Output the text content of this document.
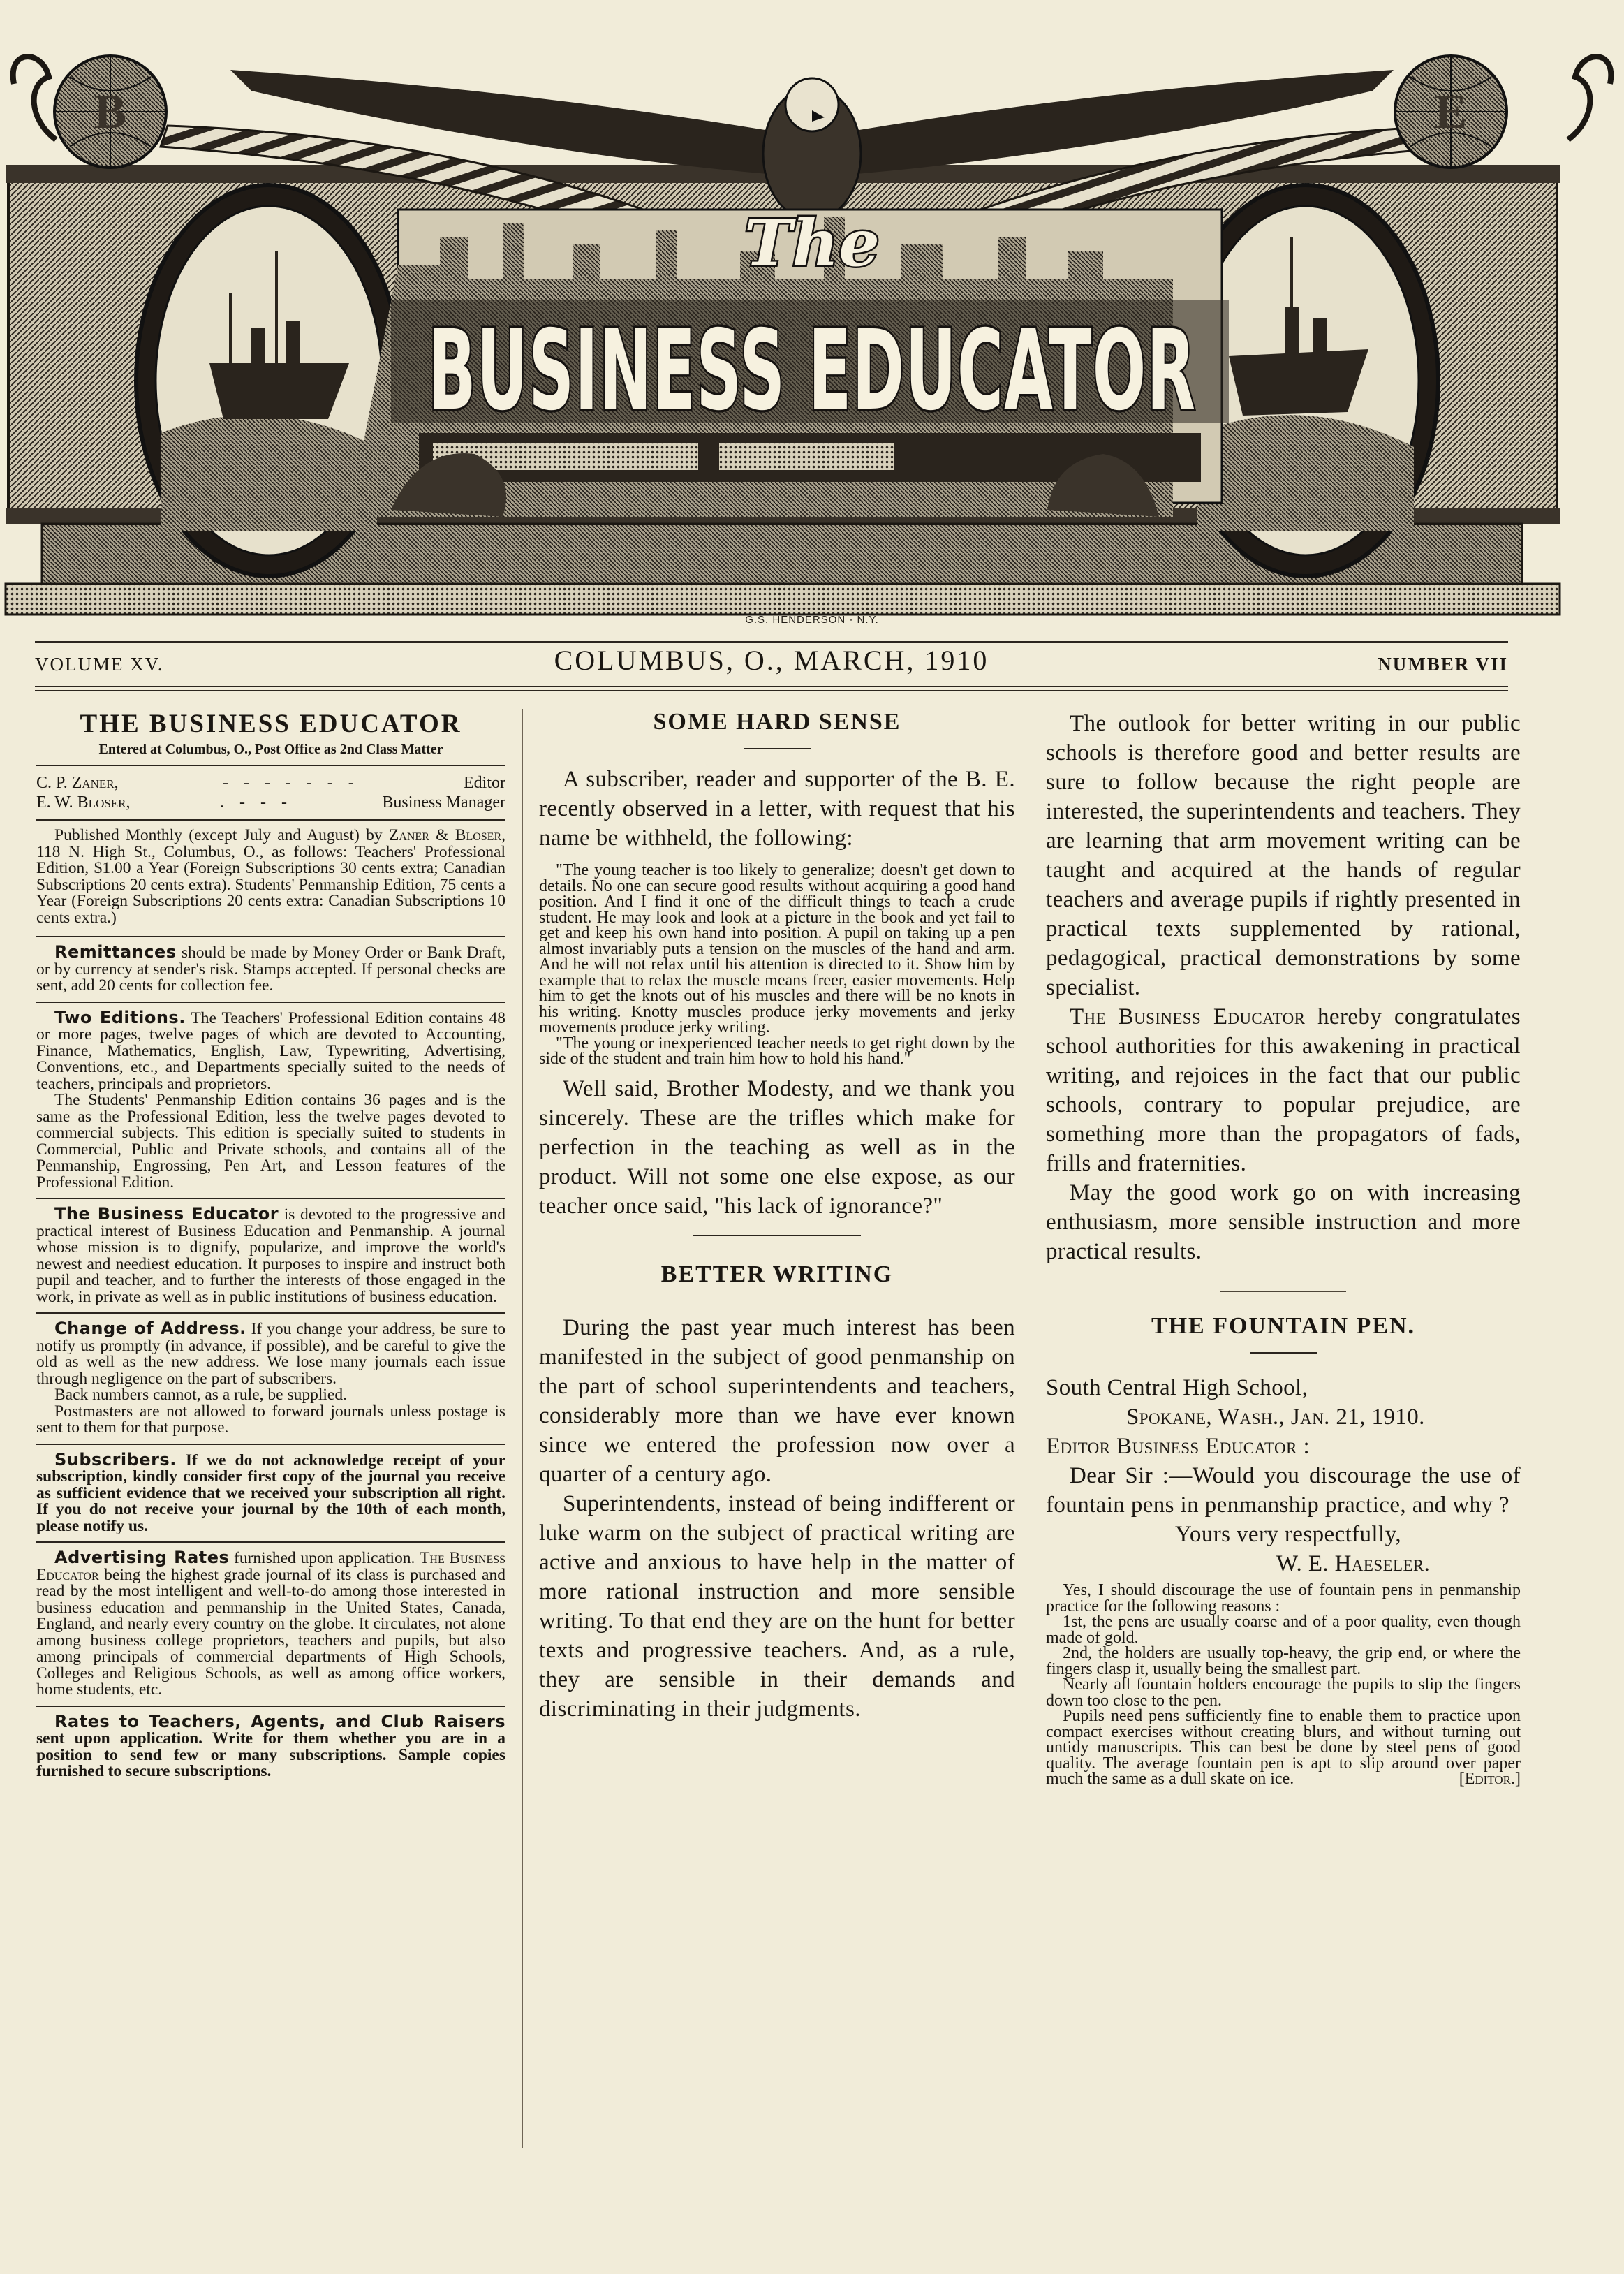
B	E
The
BUSINESS EDUCATOR
G.S. HENDERSON - N.Y.
VOLUME XV.	COLUMBUS, O., MARCH, 1910	NUMBER VII
THE BUSINESS EDUCATOR
Entered at Columbus, O., Post Office as 2nd Class Matter
C. P. Zaner,	- - - - - - -	Editor
E. W. Bloser,	. - - -	Business Manager

Published Monthly (except July and August) by Zaner & Bloser, 118 N. High St., Columbus, O., as follows: Teachers' Professional Edition, $1.00 a Year (Foreign Subscriptions 30 cents extra; Canadian Subscriptions 20 cents extra). Students' Penmanship Edition, 75 cents a Year (Foreign Subscriptions 20 cents extra: Canadian Subscriptions 10 cents extra.)

Remittances should be made by Money Order or Bank Draft, or by currency at sender's risk. Stamps accepted. If personal checks are sent, add 20 cents for collection fee.

Two Editions. The Teachers' Professional Edition contains 48 or more pages, twelve pages of which are devoted to Accounting, Finance, Mathematics, English, Law, Typewriting, Advertising, Conventions, etc., and Departments specially suited to the needs of teachers, principals and proprietors.

The Students' Penmanship Edition contains 36 pages and is the same as the Professional Edition, less the twelve pages devoted to commercial subjects. This edition is specially suited to students in Commercial, Public and Private schools, and contains all of the Penmanship, Engrossing, Pen Art, and Lesson features of the Professional Edition.

The Business Educator is devoted to the progressive and practical interest of Business Education and Penmanship. A journal whose mission is to dignify, popularize, and improve the world's newest and neediest education. It purposes to inspire and instruct both pupil and teacher, and to further the interests of those engaged in the work, in private as well as in public institutions of business education.

Change of Address. If you change your address, be sure to notify us promptly (in advance, if possible), and be careful to give the old as well as the new address. We lose many journals each issue through negligence on the part of subscribers.

Back numbers cannot, as a rule, be supplied.

Postmasters are not allowed to forward journals unless postage is sent to them for that purpose.

Subscribers. If we do not acknowledge receipt of your subscription, kindly consider first copy of the journal you receive as sufficient evidence that we received your subscription all right. If you do not receive your journal by the 10th of each month, please notify us.

Advertising Rates furnished upon application. The Business Educator being the highest grade journal of its class is purchased and read by the most intelligent and well-to-do among those interested in business education and penmanship in the United States, Canada, England, and nearly every country on the globe. It circulates, not alone among business college proprietors, teachers and pupils, but also among principals of commercial departments of High Schools, Colleges and Religious Schools, as well as among office workers, home students, etc.

Rates to Teachers, Agents, and Club Raisers sent upon application. Write for them whether you are in a position to send few or many subscriptions. Sample copies furnished to secure subscriptions.

SOME HARD SENSE

A subscriber, reader and supporter of the B. E. recently observed in a letter, with request that his name be withheld, the following:

"The young teacher is too likely to generalize; doesn't get down to details. No one can secure good results without acquiring a good hand position. And I find it one of the difficult things to teach a crude student. He may look and look at a picture in the book and yet fail to get and keep his own hand into position. A pupil on taking up a pen almost invariably puts a tension on the muscles of the hand and arm. And he will not relax until his attention is directed to it. Show him by example that to relax the muscle means freer, easier movements. Help him to get the knots out of his muscles and there will be no knots in his writing. Knotty muscles produce jerky movements and jerky movements produce jerky writing.

"The young or inexperienced teacher needs to get right down by the side of the student and train him how to hold his hand."

Well said, Brother Modesty, and we thank you sincerely. These are the trifles which make for perfection in the teaching as well as in the product. Will not some one else expose, as our teacher once said, "his lack of ignorance?"

BETTER WRITING

During the past year much interest has been manifested in the subject of good penmanship on the part of school superintendents and teachers, considerably more than we have ever known since we entered the profession now over a quarter of a century ago.

Superintendents, instead of being indifferent or luke warm on the subject of practical writing are active and anxious to have help in the matter of more rational instruction and more sensible writing. To that end they are on the hunt for better texts and progressive teachers. And, as a rule, they are sensible in their demands and discriminating in their judgments.

The outlook for better writing in our public schools is therefore good and better results are sure to follow because the right people are interested, the superintendents and teachers. They are learning that arm movement writing can be taught and acquired at the hands of regular teachers and average pupils if rightly presented in practical texts supplemented by rational, pedagogical, practical demonstrations by some specialist.

The Business Educator hereby congratulates school authorities for this awakening in practical writing, and rejoices in the fact that our public schools, contrary to popular prejudice, are something more than the propagators of fads, frills and fraternities.

May the good work go on with increasing enthusiasm, more sensible instruction and more practical results.

THE FOUNTAIN PEN.

South Central High School,

Spokane, Wash., Jan. 21, 1910.

Editor Business Educator :

Dear Sir :—Would you discourage the use of fountain pens in penmanship practice, and why ?

Yours very respectfully,

W. E. Haeseler.

Yes, I should discourage the use of fountain pens in penmanship practice for the following reasons :

1st, the pens are usually coarse and of a poor quality, even though made of gold.

2nd, the holders are usually top-heavy, the grip end, or where the fingers clasp it, usually being the smallest part.

Nearly all fountain holders encourage the pupils to slip the fingers down too close to the pen.

Pupils need pens sufficiently fine to enable them to practice upon compact exercises without creating blurs, and without turning out untidy manuscripts. This can best be done by steel pens of good quality. The average fountain pen is apt to slip around over paper much the same as a dull skate on ice.	[Editor.]
